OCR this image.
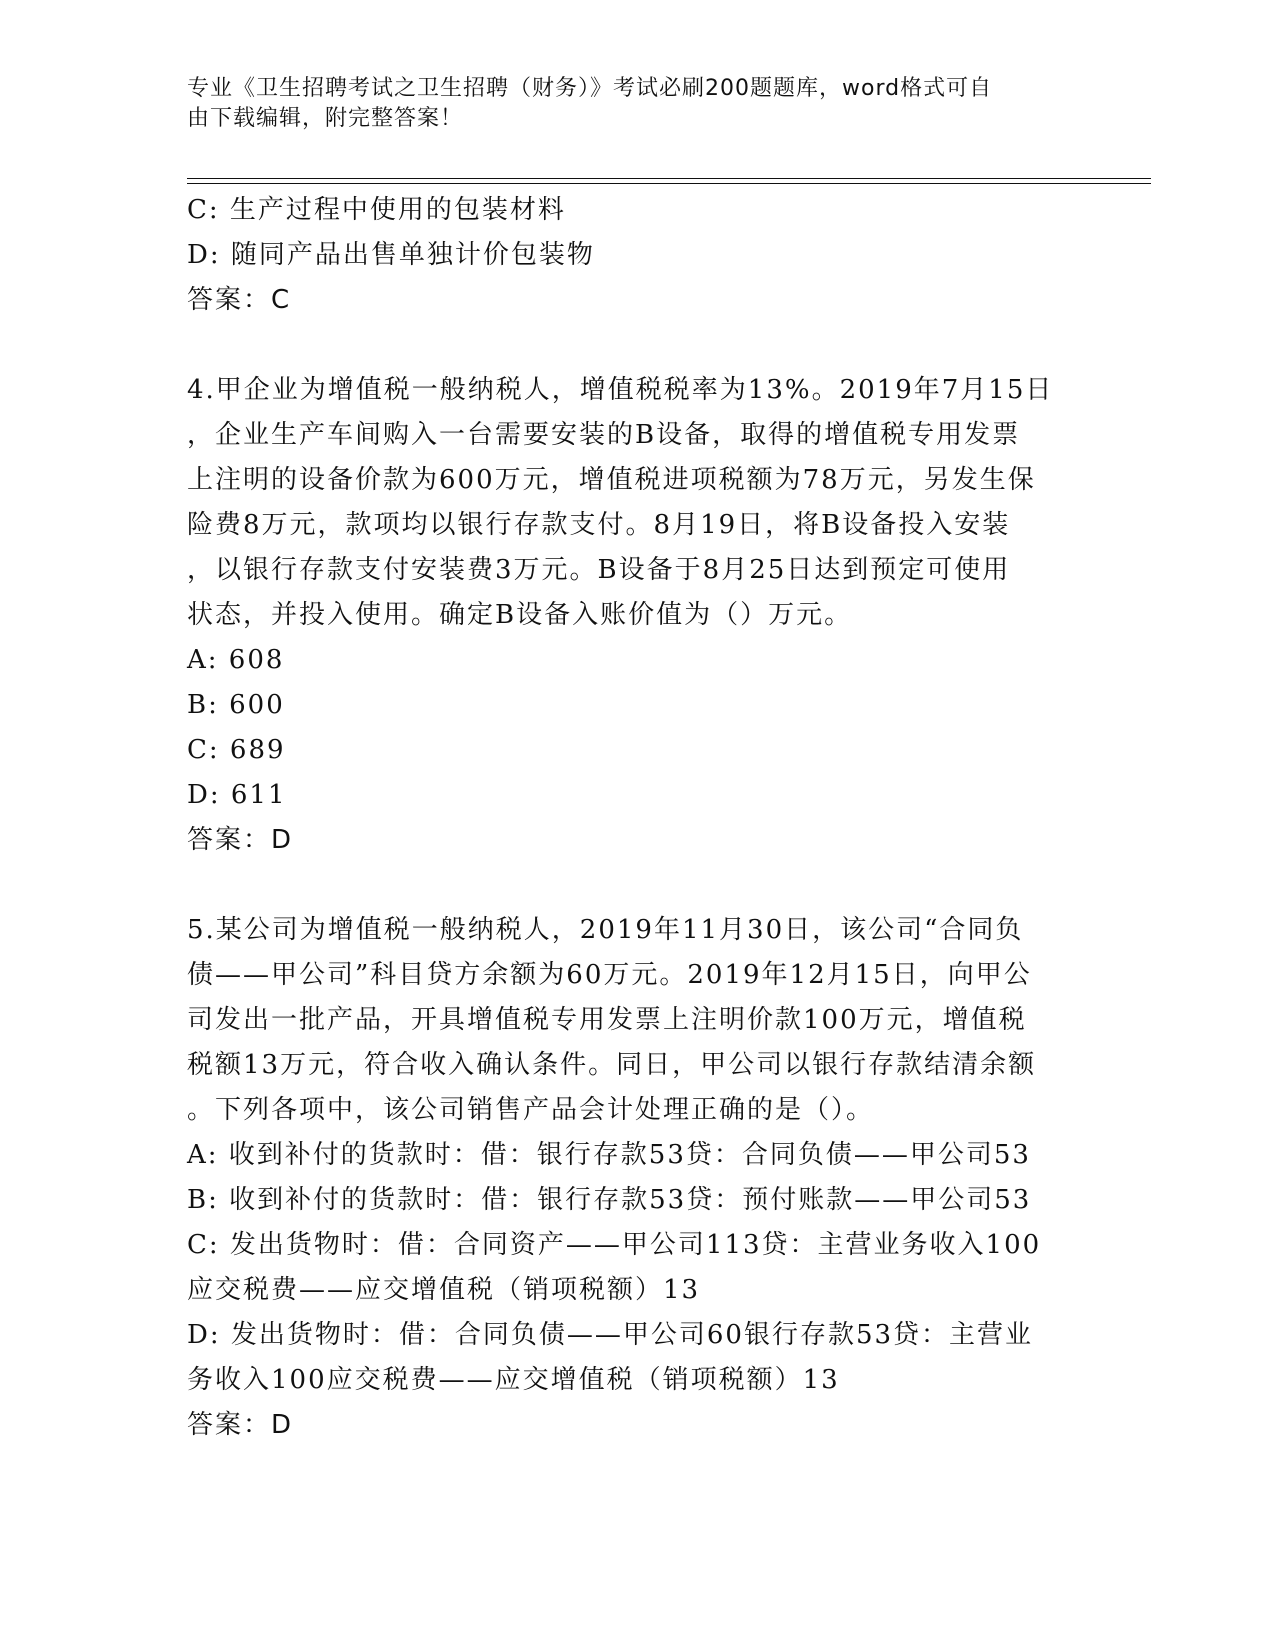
专业《卫生招聘考试之卫生招聘（财务）》考试必刷200题题库，word格式可自
由下载编辑，附完整答案！
C: 生产过程中使用的包装材料
D: 随同产品出售单独计价包装物
答案：C
4.甲企业为增值税一般纳税人，增值税税率为13%。2019年7月15日
，企业生产车间购入一台需要安装的B设备，取得的增值税专用发票
上注明的设备价款为600万元，增值税进项税额为78万元，另发生保
险费8万元，款项均以银行存款支付。8月19日，将B设备投入安装
，以银行存款支付安装费3万元。B设备于8月25日达到预定可使用
状态，并投入使用。确定B设备入账价值为（）万元。
A: 608
B: 600
C: 689
D: 611
答案：D
5.某公司为增值税一般纳税人，2019年11月30日，该公司“合同负
债——甲公司”科目贷方余额为60万元。2019年12月15日，向甲公
司发出一批产品，开具增值税专用发票上注明价款100万元，增值税
税额13万元，符合收入确认条件。同日，甲公司以银行存款结清余额
。下列各项中，该公司销售产品会计处理正确的是（）。
A: 收到补付的货款时：借：银行存款53贷：合同负债——甲公司53
B: 收到补付的货款时：借：银行存款53贷：预付账款——甲公司53
C: 发出货物时：借：合同资产——甲公司113贷：主营业务收入100
应交税费——应交增值税（销项税额）13
D: 发出货物时：借：合同负债——甲公司60银行存款53贷：主营业
务收入100应交税费——应交增值税（销项税额）13
答案：D
